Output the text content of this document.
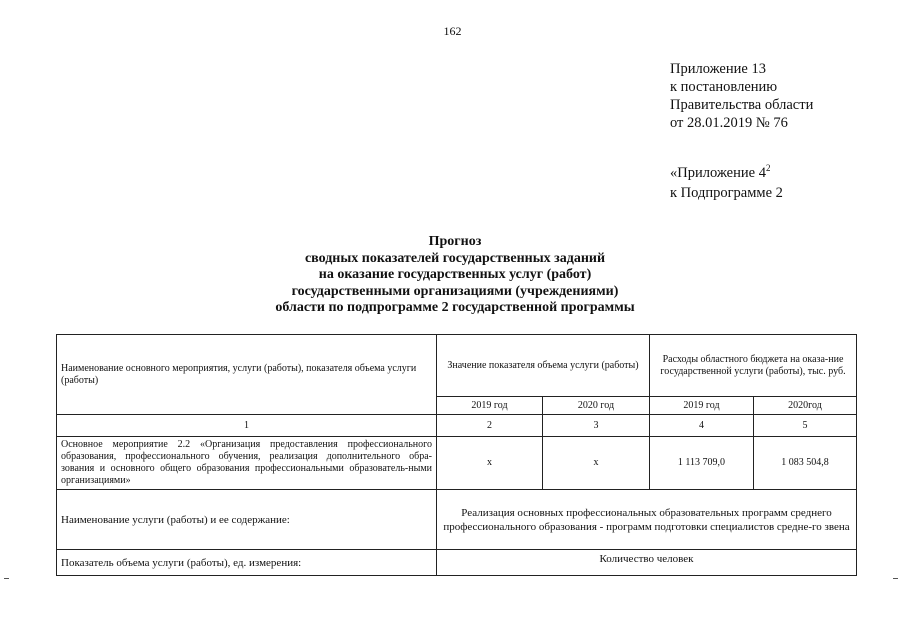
162
Приложение 13
к постановлению
Правительства области
от 28.01.2019 № 76
«Приложение $4^2$
к Подпрограмме 2
Прогноз
сводных показателей государственных заданий
на оказание государственных услуг (работ)
государственными организациями (учреждениями)
области по подпрограмме 2 государственной программы
Наименование основного мероприятия, услуги (работы), показателя объема услуги (работы)	Значение показателя объема услуги (работы)		Расходы областного бюджета на оказа-ние государственной услуги (работы), тыс. руб.	
	2019 год	2020 год	2019 год	2020год
1	2	3	4	5
Основное мероприятие 2.2 «Организация предоставления профессионального образования, профессионального обучения, реализация дополнительного обра-зования и основного общего образования профессиональными образователь-ными организациями»	x	x	1 113 709,0	1 083 504,8
Наименование услуги (работы) и ее содержание:	Реализация основных профессиональных образовательных программ среднего профессионального образования - программ подготовки специалистов средне-го звена			
Показатель объема услуги (работы), ед. измерения:	Количество человек			
